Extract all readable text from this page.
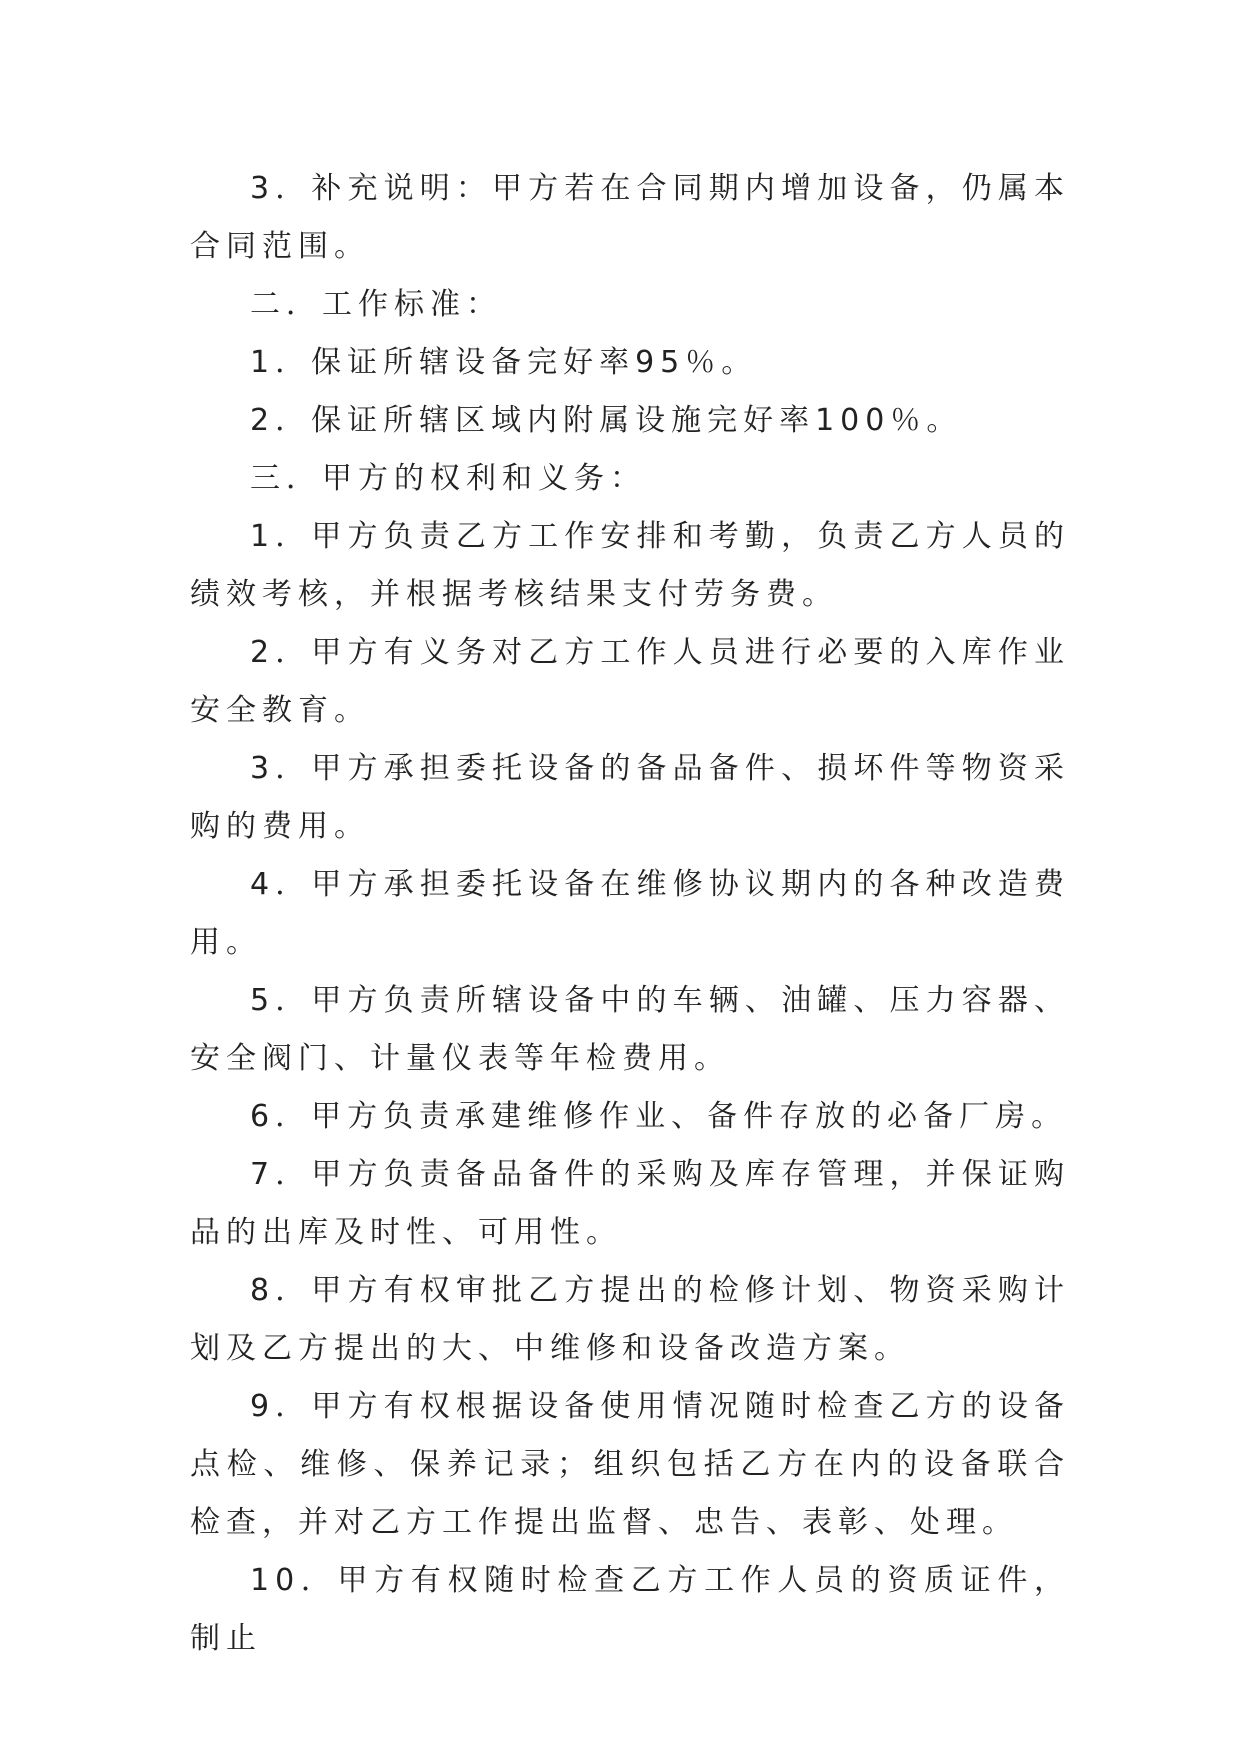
3．补充说明：甲方若在合同期内增加设备，仍属本合同范围。

二．工作标准：

1．保证所辖设备完好率95％。

2．保证所辖区域内附属设施完好率100％。

三．甲方的权利和义务：

1．甲方负责乙方工作安排和考勤，负责乙方人员的绩效考核，并根据考核结果支付劳务费。

2．甲方有义务对乙方工作人员进行必要的入库作业安全教育。

3．甲方承担委托设备的备品备件、损坏件等物资采购的费用。

4．甲方承担委托设备在维修协议期内的各种改造费用。

5．甲方负责所辖设备中的车辆、油罐、压力容器、安全阀门、计量仪表等年检费用。

6．甲方负责承建维修作业、备件存放的必备厂房。

7．甲方负责备品备件的采购及库存管理，并保证购品的出库及时性、可用性。

8．甲方有权审批乙方提出的检修计划、物资采购计划及乙方提出的大、中维修和设备改造方案。

9．甲方有权根据设备使用情况随时检查乙方的设备点检、维修、保养记录；组织包括乙方在内的设备联合检查，并对乙方工作提出监督、忠告、表彰、处理。

10．甲方有权随时检查乙方工作人员的资质证件，制止
